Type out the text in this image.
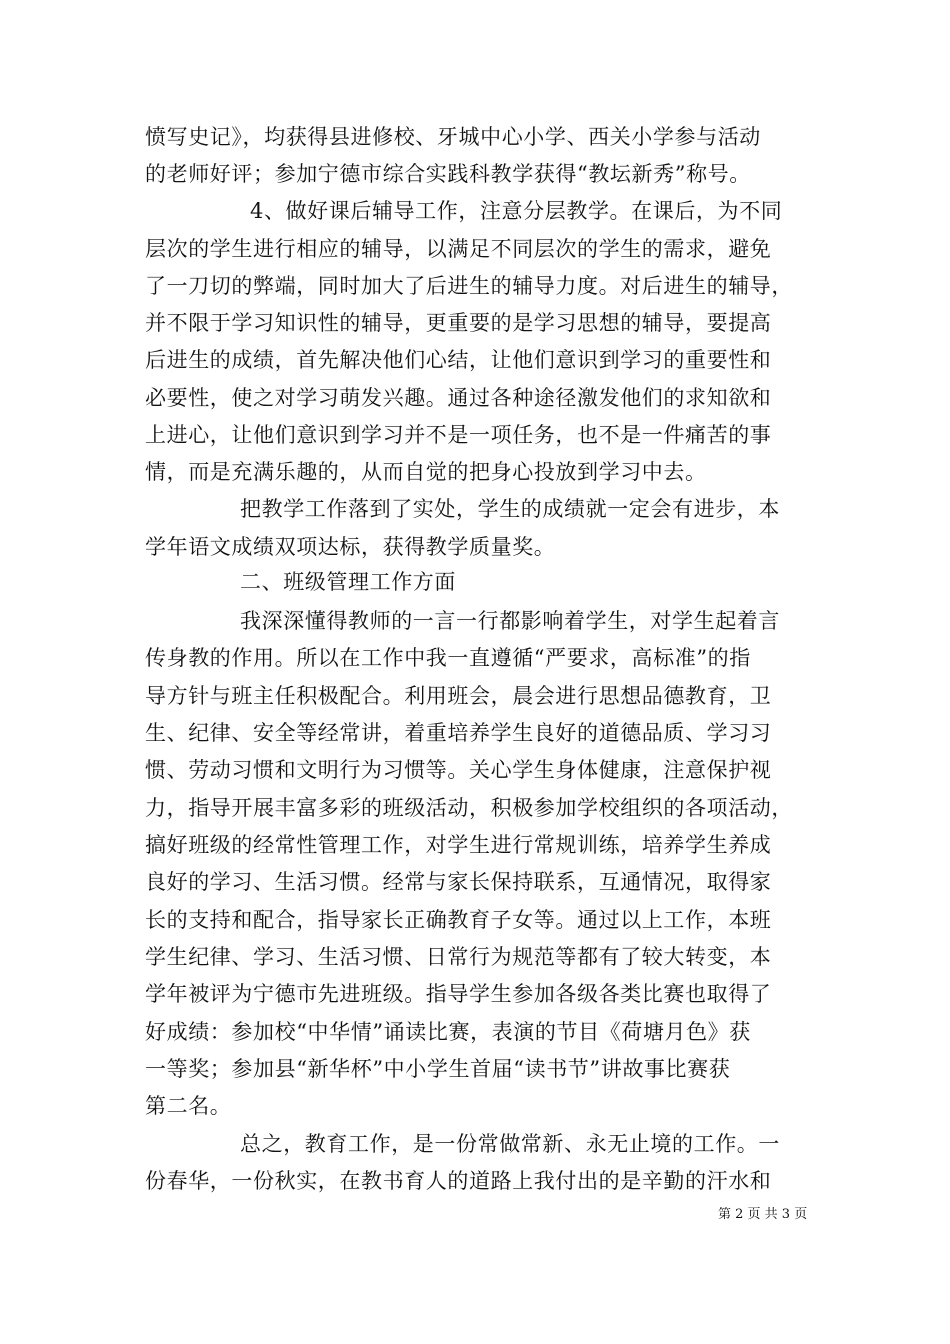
愤写史记》，均获得县进修校、牙城中心小学、西关小学参与活动
的老师好评；参加宁德市综合实践科教学获得“教坛新秀”称号。
4、做好课后辅导工作，注意分层教学。在课后，为不同
层次的学生进行相应的辅导，以满足不同层次的学生的需求，避免
了一刀切的弊端，同时加大了后进生的辅导力度。对后进生的辅导，
并不限于学习知识性的辅导，更重要的是学习思想的辅导，要提高
后进生的成绩，首先解决他们心结，让他们意识到学习的重要性和
必要性，使之对学习萌发兴趣。通过各种途径激发他们的求知欲和
上进心，让他们意识到学习并不是一项任务，也不是一件痛苦的事
情，而是充满乐趣的，从而自觉的把身心投放到学习中去。
把教学工作落到了实处，学生的成绩就一定会有进步，本
学年语文成绩双项达标，获得教学质量奖。
二、班级管理工作方面
我深深懂得教师的一言一行都影响着学生，对学生起着言
传身教的作用。所以在工作中我一直遵循“严要求，高标准”的指
导方针与班主任积极配合。利用班会，晨会进行思想品德教育，卫
生、纪律、安全等经常讲，着重培养学生良好的道德品质、学习习
惯、劳动习惯和文明行为习惯等。关心学生身体健康，注意保护视
力，指导开展丰富多彩的班级活动，积极参加学校组织的各项活动，
搞好班级的经常性管理工作，对学生进行常规训练，培养学生养成
良好的学习、生活习惯。经常与家长保持联系，互通情况，取得家
长的支持和配合，指导家长正确教育子女等。通过以上工作，本班
学生纪律、学习、生活习惯、日常行为规范等都有了较大转变，本
学年被评为宁德市先进班级。指导学生参加各级各类比赛也取得了
好成绩：参加校“中华情”诵读比赛，表演的节目《荷塘月色》获
一等奖；参加县“新华杯”中小学生首届“读书节”讲故事比赛获
第二名。
总之，教育工作，是一份常做常新、永无止境的工作。一
份春华，一份秋实，在教书育人的道路上我付出的是辛勤的汗水和
第 2 页 共 3 页
